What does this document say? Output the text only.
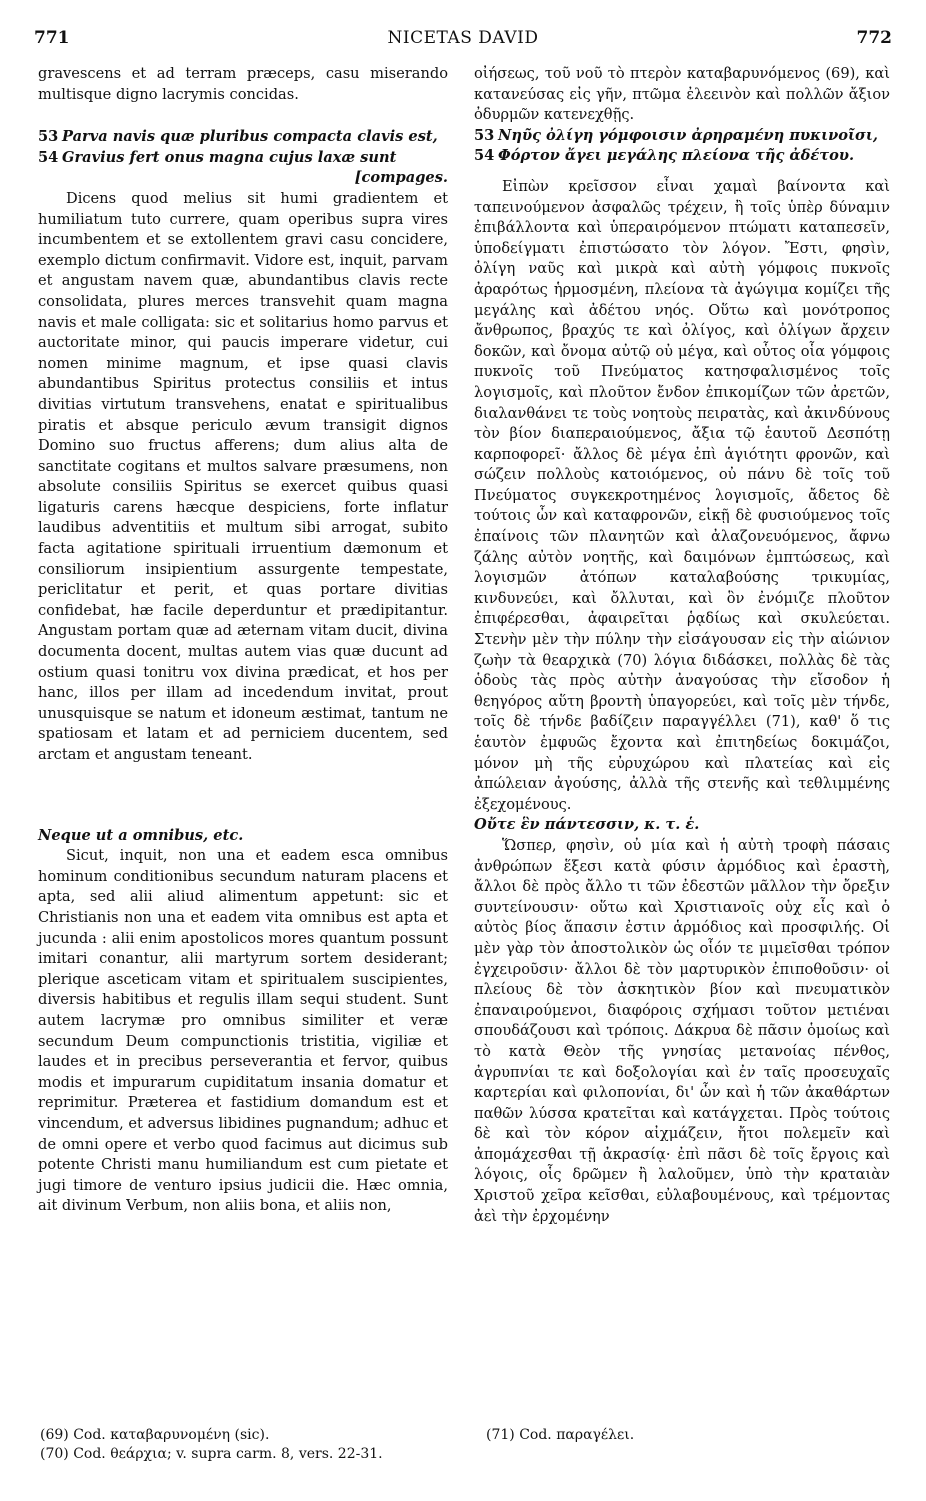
771	NICETAS DAVID	772

gravescens et ad terram præceps, casu miserando multisque digno lacrymis concidas.

53 Parva navis quæ pluribus compacta clavis est,

54 Gravius fert onus magna cujus laxæ sunt

[compages.

Dicens quod melius sit humi gradientem et humiliatum tuto currere, quam operibus supra vires incumbentem et se extollentem gravi casu concidere, exemplo dictum confirmavit. Vidore est, inquit, parvam et angustam navem quæ, abundantibus clavis recte consolidata, plures merces transvehit quam magna navis et male colligata: sic et solitarius homo parvus et auctoritate minor, qui paucis imperare videtur, cui nomen minime magnum, et ipse quasi clavis abundantibus Spiritus protectus consiliis et intus divitias virtutum transvehens, enatat e spiritualibus piratis et absque periculo ævum transigit dignos Domino suo fructus afferens; dum alius alta de sanctitate cogitans et multos salvare præsumens, non absolute consiliis Spiritus se exercet quibus quasi ligaturis carens hæcque despiciens, forte inflatur laudibus adventitiis et multum sibi arrogat, subito facta agitatione spirituali irruentium dæmonum et consiliorum insipientium assurgente tempestate, periclitatur et perit, et quas portare divitias confidebat, hæ facile deperduntur et prædipitantur. Angustam portam quæ ad æternam vitam ducit, divina documenta docent, multas autem vias quæ ducunt ad ostium quasi tonitru vox divina prædicat, et hos per hanc, illos per illam ad incedendum invitat, prout unusquisque se natum et idoneum æstimat, tantum ne spatiosam et latam et ad perniciem ducentem, sed arctam et angustam teneant.

Neque ut a omnibus, etc.

Sicut, inquit, non una et eadem esca omnibus hominum conditionibus secundum naturam placens et apta, sed alii aliud alimentum appetunt: sic et Christianis non una et eadem vita omnibus est apta et jucunda : alii enim apostolicos mores quantum possunt imitari conantur, alii martyrum sortem desiderant; plerique asceticam vitam et spiritualem suscipientes, diversis habitibus et regulis illam sequi student. Sunt autem lacrymæ pro omnibus similiter et veræ secundum Deum compunctionis tristitia, vigiliæ et laudes et in precibus perseverantia et fervor, quibus modis et impurarum cupiditatum insania domatur et reprimitur. Præterea et fastidium domandum est et vincendum, et adversus libidines pugnandum; adhuc et de omni opere et verbo quod facimus aut dicimus sub potente Christi manu humiliandum est cum pietate et jugi timore de venturo ipsius judicii die. Hæc omnia, ait divinum Verbum, non aliis bona, et aliis non,

οἰήσεως, τοῦ νοῦ τὸ πτερὸν καταβαρυνόμενος (69), καὶ κατανεύσας εἰς γῆν, πτῶμα ἐλεεινὸν καὶ πολλῶν ἄξιον ὀδυρμῶν κατενεχθῇς.

53 Νηῦς ὀλίγη γόμφοισιν ἀρηραμένη πυκινοῖσι,

54 Φόρτον ἄγει μεγάλης πλείονα τῆς ἀδέτου.

Εἰπὼν κρεῖσσον εἶναι χαμαὶ βαίνοντα καὶ ταπεινούμενον ἀσφαλῶς τρέχειν, ἢ τοῖς ὑπὲρ δύναμιν ἐπιβάλλοντα καὶ ὑπεραιρόμενον πτώματι καταπεσεῖν, ὑποδείγματι ἐπιστώσατο τὸν λόγον. Ἔστι, φησὶν, ὀλίγη ναῦς καὶ μικρὰ καὶ αὐτὴ γόμφοις πυκνοῖς ἀραρότως ἡρμοσμένη, πλείονα τὰ ἀγώγιμα κομίζει τῆς μεγάλης καὶ ἀδέτου νηός. Οὕτω καὶ μονότροπος ἄνθρωπος, βραχύς τε καὶ ὀλίγος, καὶ ὀλίγων ἄρχειν δοκῶν, καὶ ὄνομα αὐτῷ οὐ μέγα, καὶ οὗτος οἷα γόμφοις πυκνοῖς τοῦ Πνεύματος κατησφαλισμένος τοῖς λογισμοῖς, καὶ πλοῦτον ἔνδον ἐπικομίζων τῶν ἀρετῶν, διαλανθάνει τε τοὺς νοητοὺς πειρατὰς, καὶ ἀκινδύνους τὸν βίον διαπεραιούμενος, ἄξια τῷ ἑαυτοῦ Δεσπότῃ καρποφορεῖ· ἄλλος δὲ μέγα ἐπὶ ἁγιότητι φρονῶν, καὶ σώζειν πολλοὺς κατοιόμενος, οὐ πάνυ δὲ τοῖς τοῦ Πνεύματος συγκεκροτημένος λογισμοῖς, ἄδετος δὲ τούτοις ὧν καὶ καταφρονῶν, εἰκῇ δὲ φυσιούμενος τοῖς ἐπαίνοις τῶν πλανητῶν καὶ ἀλαζονευόμενος, ἄφνω ζάλης αὐτὸν νοητῆς, καὶ δαιμόνων ἐμπτώσεως, καὶ λογισμῶν ἀτόπων καταλαβούσης τρικυμίας, κινδυνεύει, καὶ ὄλλυται, καὶ ὃν ἐνόμιζε πλοῦτον ἐπιφέρεσθαι, ἀφαιρεῖται ῥᾳδίως καὶ σκυλεύεται. Στενὴν μὲν τὴν πύλην τὴν εἰσάγουσαν εἰς τὴν αἰώνιον ζωὴν τὰ θεαρχικὰ (70) λόγια διδάσκει, πολλὰς δὲ τὰς ὁδοὺς τὰς πρὸς αὐτὴν ἀναγούσας τὴν εἴσοδον ἡ θεηγόρος αὕτη βροντὴ ὑπαγορεύει, καὶ τοῖς μὲν τήνδε, τοῖς δὲ τήνδε βαδίζειν παραγγέλλει (71), καθ' ὅ τις ἑαυτὸν ἐμφυῶς ἔχοντα καὶ ἐπιτηδείως δοκιμάζοι, μόνον μὴ τῆς εὐρυχώρου καὶ πλατείας καὶ εἰς ἀπώλειαν ἀγούσης, ἀλλὰ τῆς στενῆς καὶ τεθλιμμένης ἐξεχομένους.

Οὔτε ἓν πάντεσσιν, κ. τ. ἑ.

Ὥσπερ, φησὶν, οὐ μία καὶ ἡ αὐτὴ τροφὴ πάσαις ἀνθρώπων ἕξεσι κατὰ φύσιν ἁρμόδιος καὶ ἐραστὴ, ἄλλοι δὲ πρὸς ἄλλο τι τῶν ἐδεστῶν μᾶλλον τὴν ὄρεξιν συντείνουσιν· οὕτω καὶ Χριστιανοῖς οὐχ εἷς καὶ ὁ αὐτὸς βίος ἅπασιν ἐστιν ἁρμόδιος καὶ προσφιλής. Οἱ μὲν γὰρ τὸν ἀποστολικὸν ὡς οἷόν τε μιμεῖσθαι τρόπον ἐγχειροῦσιν· ἄλλοι δὲ τὸν μαρτυρικὸν ἐπιποθοῦσιν· οἱ πλείους δὲ τὸν ἀσκητικὸν βίον καὶ πνευματικὸν ἐπαναιρούμενοι, διαφόροις σχήμασι τοῦτον μετιέναι σπουδάζουσι καὶ τρόποις. Δάκρυα δὲ πᾶσιν ὁμοίως καὶ τὸ κατὰ Θεὸν τῆς γνησίας μετανοίας πένθος, ἀγρυπνίαι τε καὶ δοξολογίαι καὶ ἐν ταῖς προσευχαῖς καρτερίαι καὶ φιλοπονίαι, δι' ὧν καὶ ἡ τῶν ἀκαθάρτων παθῶν λύσσα κρατεῖται καὶ κατάγχεται. Πρὸς τούτοις δὲ καὶ τὸν κόρον αἰχμάζειν, ἤτοι πολεμεῖν καὶ ἀπομάχεσθαι τῇ ἀκρασίᾳ· ἐπὶ πᾶσι δὲ τοῖς ἔργοις καὶ λόγοις, οἷς δρῶμεν ἢ λαλοῦμεν, ὑπὸ τὴν κραταιὰν Χριστοῦ χεῖρα κεῖσθαι, εὐλαβουμένους, καὶ τρέμοντας ἀεὶ τὴν ἐρχομένην

(69) Cod. καταβαρυνομένη (sic).
(70) Cod. θεάρχια; v. supra carm. 8, vers. 22-31.
(71) Cod. παραγέλει.
